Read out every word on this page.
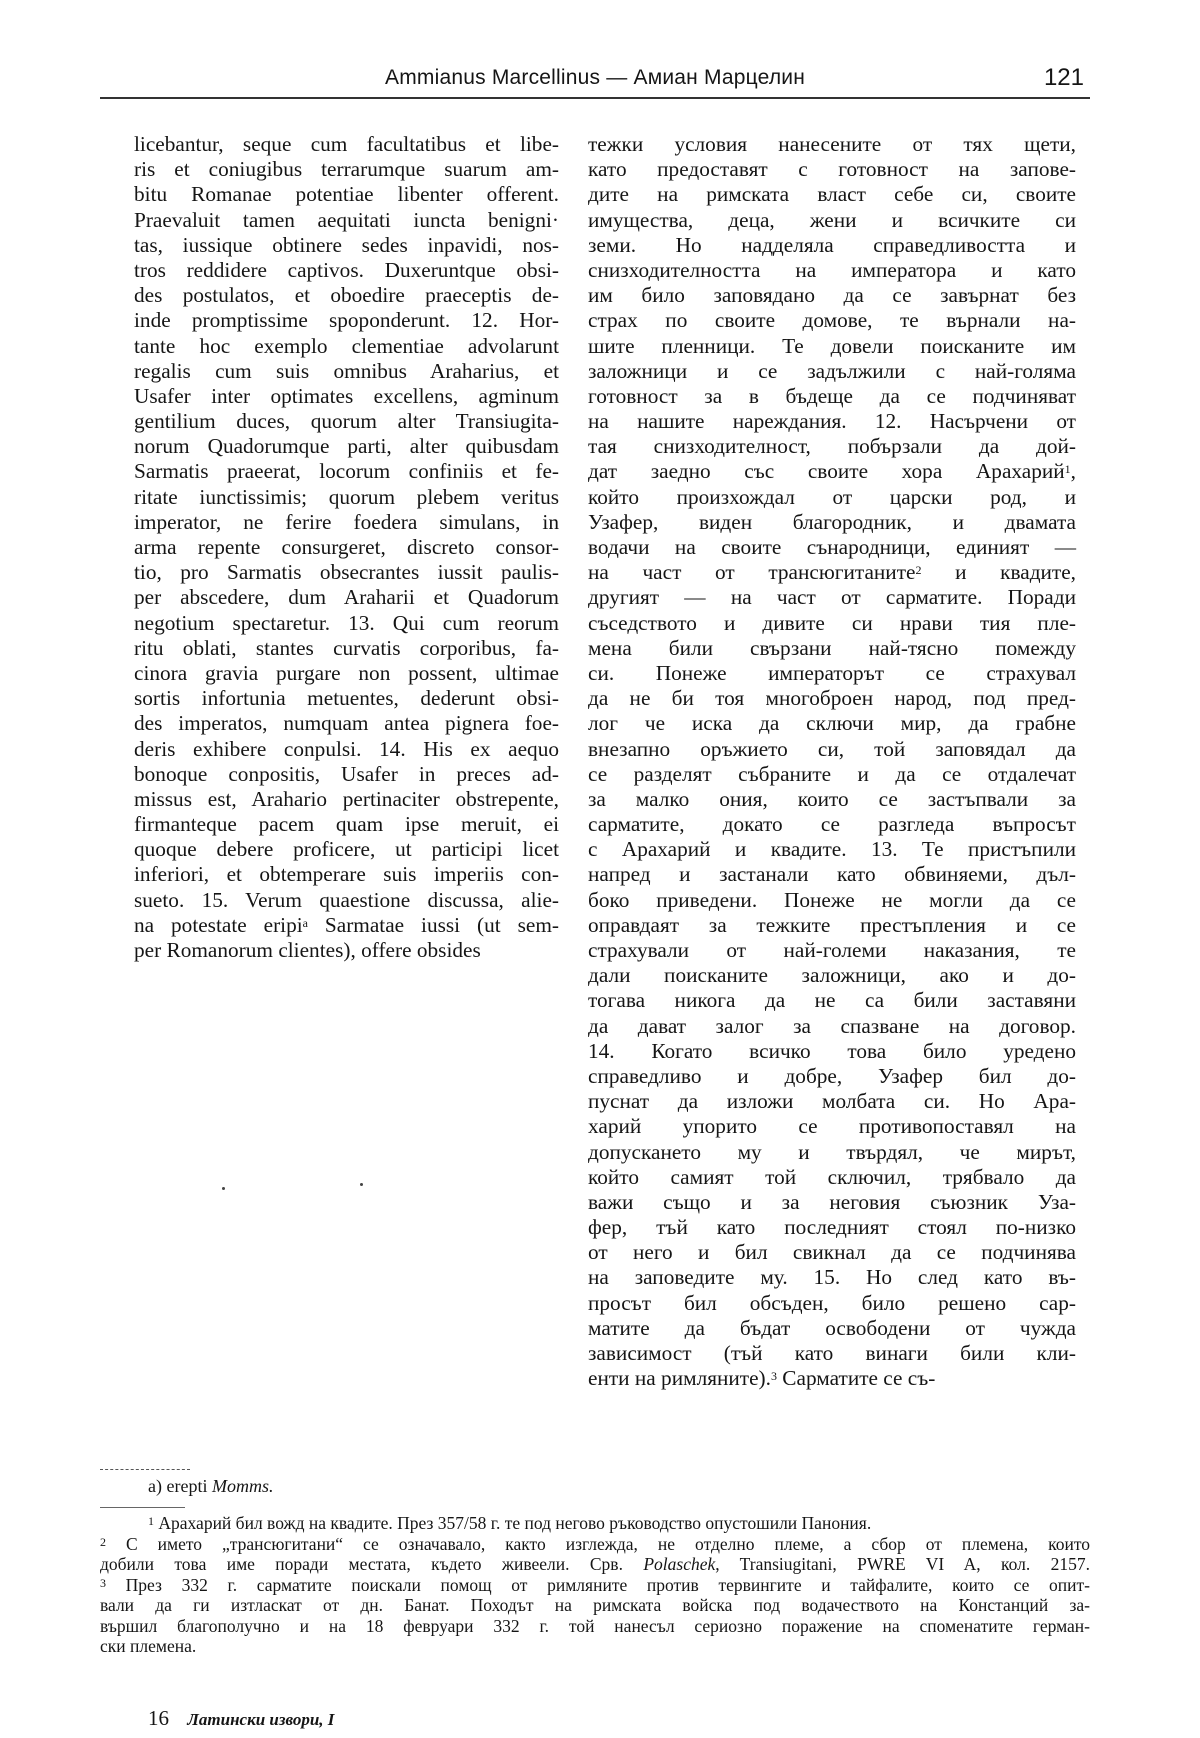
Ammianus Marcellinus — Амиан Марцелин	121
licebantur, seque cum facultatibus et libe-
ris et coniugibus terrarumque suarum am-
bitu Romanae potentiae libenter offerent.
Praevaluit tamen aequitati iuncta benigni·
tas, iussique obtinere sedes inpavidi, nos-
tros reddidere captivos. Duxeruntque obsi-
des postulatos, et oboedire praeceptis de-
inde promptissime spoponderunt. 12. Hor-
tante hoc exemplo clementiae advolarunt
regalis cum suis omnibus Araharius, et
Usafer inter optimates excellens, agminum
gentilium duces, quorum alter Transiugita-
norum Quadorumque parti, alter quibusdam
Sarmatis praeerat, locorum confiniis et fe-
ritate iunctissimis; quorum plebem veritus
imperator, ne ferire foedera simulans, in
arma repente consurgeret, discreto consor-
tio, pro Sarmatis obsecrantes iussit paulis-
per abscedere, dum Araharii et Quadorum
negotium spectaretur. 13. Qui cum reorum
ritu oblati, stantes curvatis corporibus, fa-
cinora gravia purgare non possent, ultimae
sortis infortunia metuentes, dederunt obsi-
des imperatos, numquam antea pignera foe-
deris exhibere conpulsi. 14. His ex aequo
bonoque conpositis, Usafer in preces ad-
missus est, Arahario pertinaciter obstrepente,
firmanteque pacem quam ipse meruit, ei
quoque debere proficere, ut participi licet
inferiori, et obtemperare suis imperiis con-
sueto. 15. Verum quaestione discussa, alie-
na potestate eripi$^a$ Sarmatae iussi (ut sem-
per Romanorum clientes), offere obsides
тежки условия нанесените от тях щети,
като предоставят с готовност на запове-
дите на римската власт себе си, своите
имущества, деца, жени и всичките си
земи. Но надделяла справедливостта и
снизходителността на императора и като
им било заповядано да се завърнат без
страх по своите домове, те върнали на-
шите пленници. Те довели поисканите им
заложници и се задължили с най-голяма
готовност за в бъдеще да се подчиняват
на нашите нареждания. 12. Насърчени от
тая снизходителност, побързали да дой-
дат заедно със своите хора Арахарий$^1$,
който произхождал от царски род, и
Узафер, виден благородник, и двамата
водачи на своите сънародници, единият —
на част от трансюгитаните$^2$ и квадите,
другият — на част от сарматите. Поради
съседството и дивите си нрави тия пле-
мена били свързани най-тясно помежду
си. Понеже императорът се страхувал
да не би тоя многоброен народ, под пред-
лог че иска да сключи мир, да грабне
внезапно оръжието си, той заповядал да
се разделят събраните и да се отдалечат
за малко ония, които се застъпвали за
сарматите, докато се разгледа въпросът
с Арахарий и квадите. 13. Те пристъпили
напред и застанали като обвиняеми, дъл-
боко приведени. Понеже не могли да се
оправдаят за тежките престъпления и се
страхували от най-големи наказания, те
дали поисканите заложници, ако и до-
тогава никога да не са били заставяни
да дават залог за спазване на договор.
14. Когато всичко това било уредено
справедливо и добре, Узафер бил до-
пуснат да изложи молбата си. Но Ара-
харий упорито се противопоставял на
допускането му и твърдял, че мирът,
който самият той сключил, трябвало да
важи също и за неговия съюзник Уза-
фер, тъй като последният стоял по-низко
от него и бил свикнал да се подчинява
на заповедите му. 15. Но след като въ-
просът бил обсъден, било решено сар-
матите да бъдат освободени от чужда
зависимост (тъй като винаги били кли-
енти на римляните).$^3$ Сарматите се съ-
a) erepti Momms.
$^1$ Арахарий бил вожд на квадите. През 357/58 г. те под негово ръководство опустошили Панония.
$^2$ С името „трансюгитани“ се означавало, както изглежда, не отделно племе, а сбор от племена, които
добили това име поради местата, където живеели. Срв. Polaschek, Transiugitani, PWRE VI A, кол. 2157.
$^3$ През 332 г. сарматите поискали помощ от римляните против тервингите и тайфалите, които се опит-
вали да ги изтласкат от дн. Банат. Походът на римската войска под водачеството на Констанций за-
вършил благополучно и на 18 февруари 332 г. той нанесъл сериозно поражение на споменатите герман-
ски племена.
16 Латински извори, I
